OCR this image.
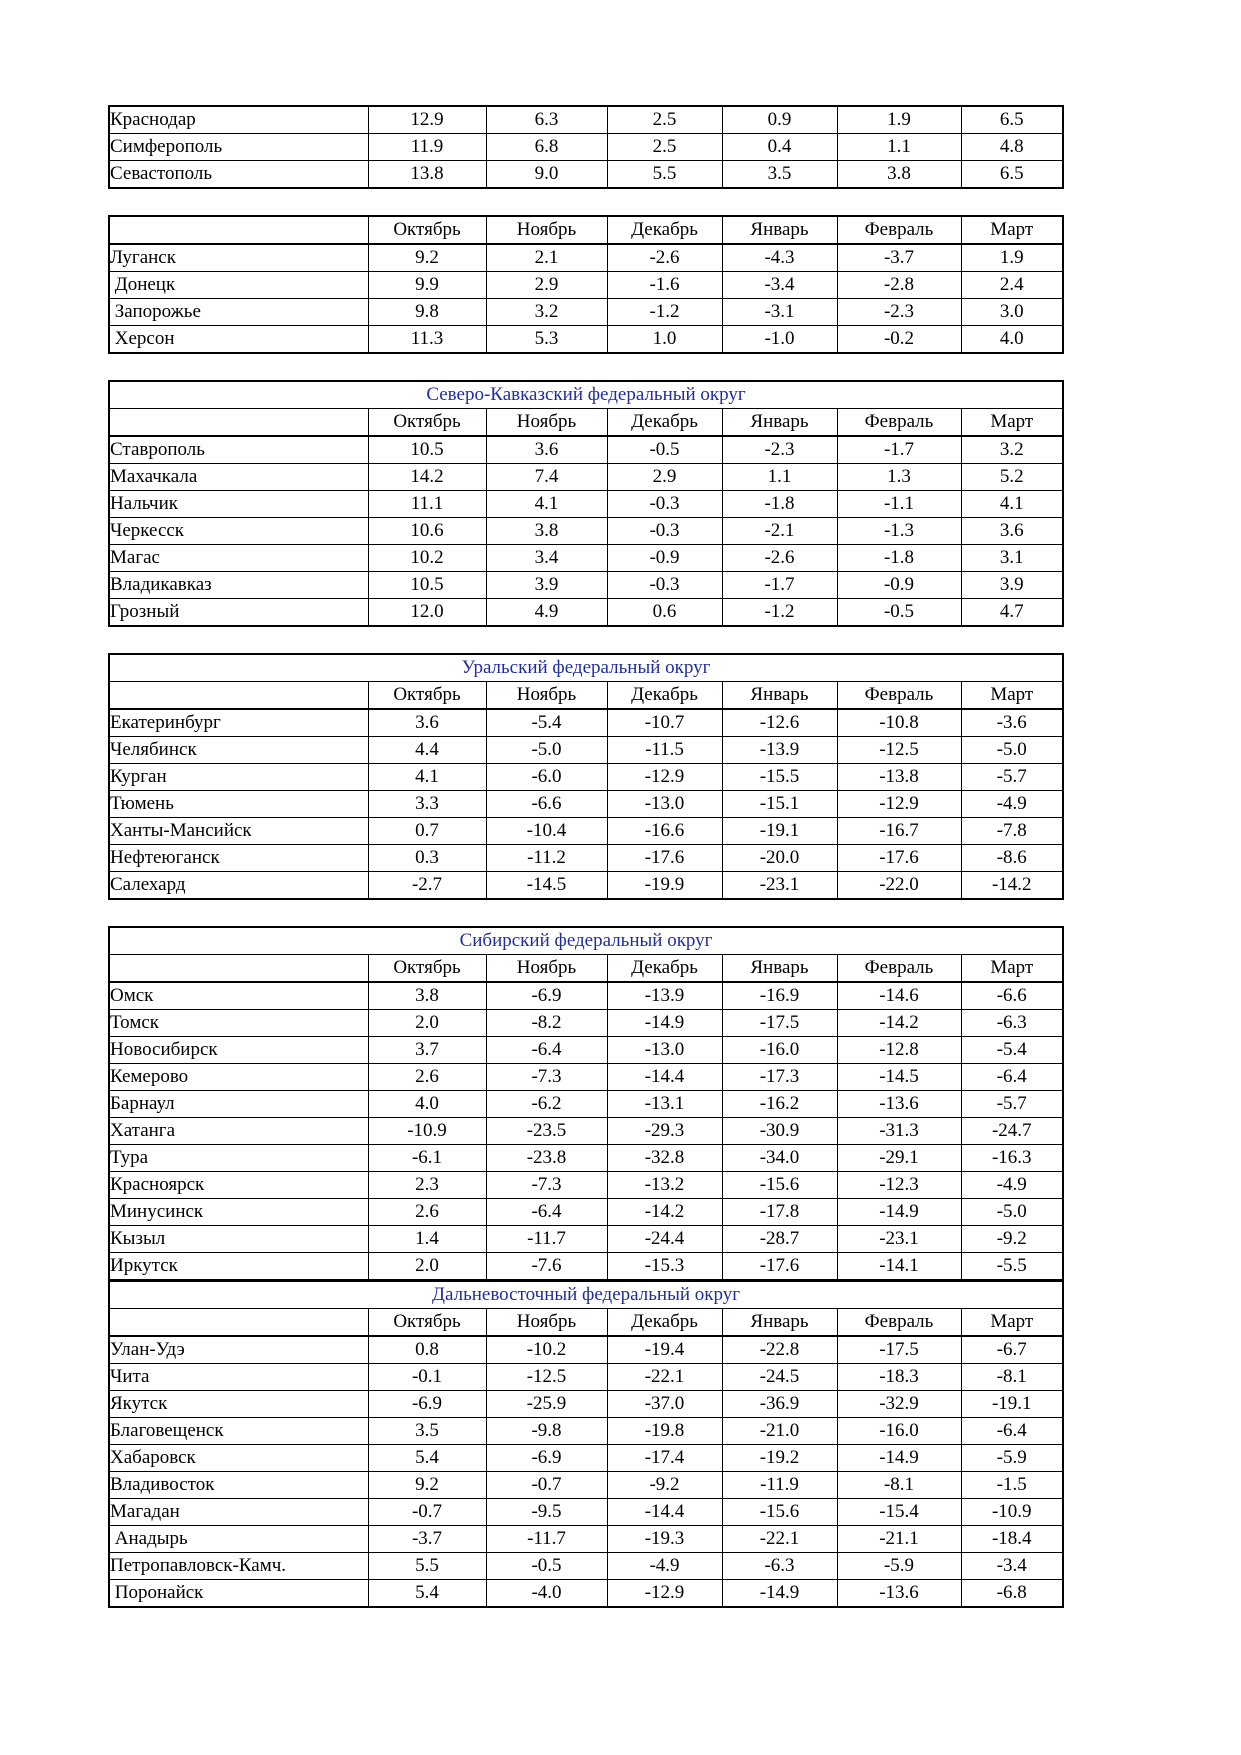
Краснодар	12.9	6.3	2.5	0.9	1.9	6.5
Симферополь	11.9	6.8	2.5	0.4	1.1	4.8
Севастополь	13.8	9.0	5.5	3.5	3.8	6.5
	Октябрь	Ноябрь	Декабрь	Январь	Февраль	Март
Луганск	9.2	2.1	-2.6	-4.3	-3.7	1.9
Донецк	9.9	2.9	-1.6	-3.4	-2.8	2.4
Запорожье	9.8	3.2	-1.2	-3.1	-2.3	3.0
Херсон	11.3	5.3	1.0	-1.0	-0.2	4.0
Северо-Кавказский федеральный округ						
	Октябрь	Ноябрь	Декабрь	Январь	Февраль	Март
Ставрополь	10.5	3.6	-0.5	-2.3	-1.7	3.2
Махачкала	14.2	7.4	2.9	1.1	1.3	5.2
Нальчик	11.1	4.1	-0.3	-1.8	-1.1	4.1
Черкесск	10.6	3.8	-0.3	-2.1	-1.3	3.6
Магас	10.2	3.4	-0.9	-2.6	-1.8	3.1
Владикавказ	10.5	3.9	-0.3	-1.7	-0.9	3.9
Грозный	12.0	4.9	0.6	-1.2	-0.5	4.7
Уральский федеральный округ						
	Октябрь	Ноябрь	Декабрь	Январь	Февраль	Март
Екатеринбург	3.6	-5.4	-10.7	-12.6	-10.8	-3.6
Челябинск	4.4	-5.0	-11.5	-13.9	-12.5	-5.0
Курган	4.1	-6.0	-12.9	-15.5	-13.8	-5.7
Тюмень	3.3	-6.6	-13.0	-15.1	-12.9	-4.9
Ханты-Мансийск	0.7	-10.4	-16.6	-19.1	-16.7	-7.8
Нефтеюганск	0.3	-11.2	-17.6	-20.0	-17.6	-8.6
Салехард	-2.7	-14.5	-19.9	-23.1	-22.0	-14.2
Сибирский федеральный округ						
	Октябрь	Ноябрь	Декабрь	Январь	Февраль	Март
Омск	3.8	-6.9	-13.9	-16.9	-14.6	-6.6
Томск	2.0	-8.2	-14.9	-17.5	-14.2	-6.3
Новосибирск	3.7	-6.4	-13.0	-16.0	-12.8	-5.4
Кемерово	2.6	-7.3	-14.4	-17.3	-14.5	-6.4
Барнаул	4.0	-6.2	-13.1	-16.2	-13.6	-5.7
Хатанга	-10.9	-23.5	-29.3	-30.9	-31.3	-24.7
Тура	-6.1	-23.8	-32.8	-34.0	-29.1	-16.3
Красноярск	2.3	-7.3	-13.2	-15.6	-12.3	-4.9
Минусинск	2.6	-6.4	-14.2	-17.8	-14.9	-5.0
Кызыл	1.4	-11.7	-24.4	-28.7	-23.1	-9.2
Иркутск	2.0	-7.6	-15.3	-17.6	-14.1	-5.5
Дальневосточный федеральный округ						
	Октябрь	Ноябрь	Декабрь	Январь	Февраль	Март
Улан-Удэ	0.8	-10.2	-19.4	-22.8	-17.5	-6.7
Чита	-0.1	-12.5	-22.1	-24.5	-18.3	-8.1
Якутск	-6.9	-25.9	-37.0	-36.9	-32.9	-19.1
Благовещенск	3.5	-9.8	-19.8	-21.0	-16.0	-6.4
Хабаровск	5.4	-6.9	-17.4	-19.2	-14.9	-5.9
Владивосток	9.2	-0.7	-9.2	-11.9	-8.1	-1.5
Магадан	-0.7	-9.5	-14.4	-15.6	-15.4	-10.9
Анадырь	-3.7	-11.7	-19.3	-22.1	-21.1	-18.4
Петропавловск-Камч.	5.5	-0.5	-4.9	-6.3	-5.9	-3.4
Поронайск	5.4	-4.0	-12.9	-14.9	-13.6	-6.8
